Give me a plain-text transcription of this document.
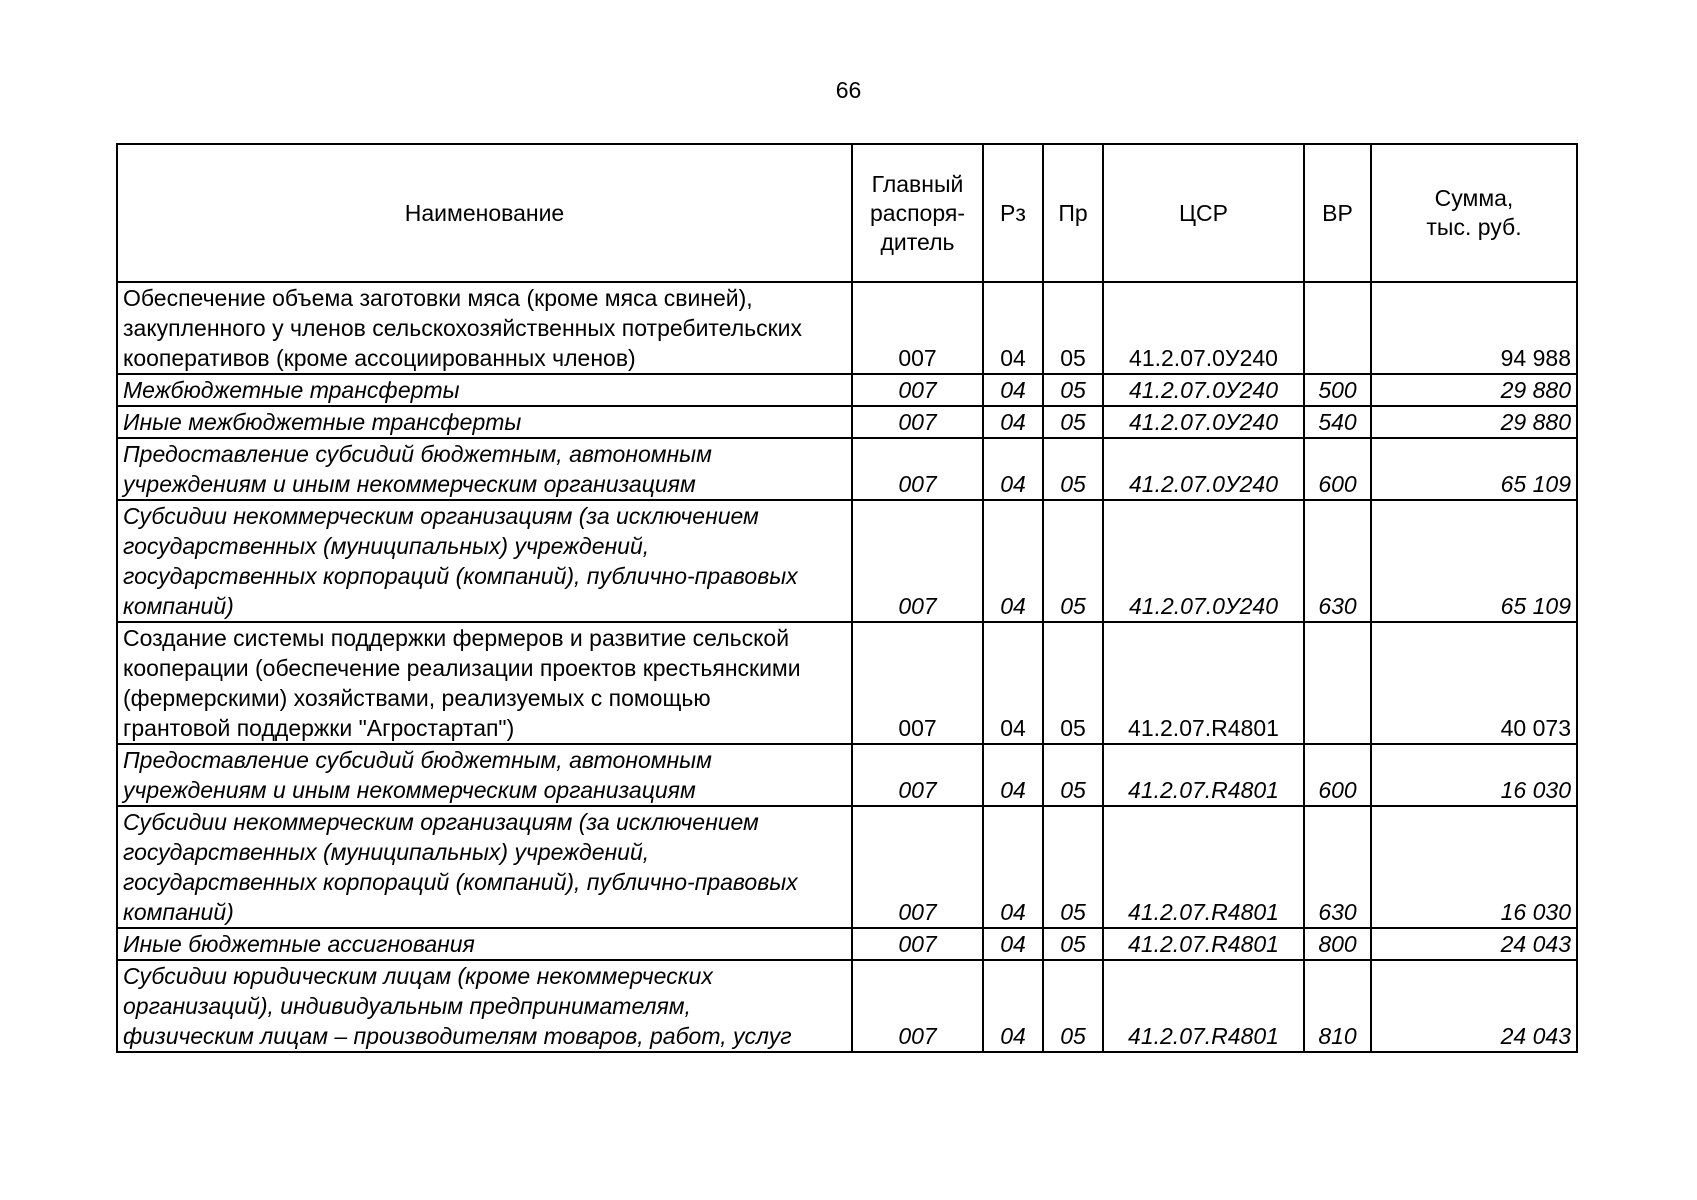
66
Наименование	Главный
распоря-
дитель	Рз	Пр	ЦСР	ВР	Сумма,
тыс. руб.
Обеспечение объема заготовки мяса (кроме мяса свиней),
закупленного у членов сельскохозяйственных потребительских
кооперативов (кроме ассоциированных членов)	007	04	05	41.2.07.0У240		94 988
Межбюджетные трансферты	007	04	05	41.2.07.0У240	500	29 880
Иные межбюджетные трансферты	007	04	05	41.2.07.0У240	540	29 880
Предоставление субсидий бюджетным, автономным
учреждениям и иным некоммерческим организациям	007	04	05	41.2.07.0У240	600	65 109
Субсидии некоммерческим организациям (за исключением
государственных (муниципальных) учреждений,
государственных корпораций (компаний), публично-правовых
компаний)	007	04	05	41.2.07.0У240	630	65 109
Создание системы поддержки фермеров и развитие сельской
кооперации (обеспечение реализации проектов крестьянскими
(фермерскими) хозяйствами, реализуемых с помощью
грантовой поддержки "Агростартап")	007	04	05	41.2.07.R4801		40 073
Предоставление субсидий бюджетным, автономным
учреждениям и иным некоммерческим организациям	007	04	05	41.2.07.R4801	600	16 030
Субсидии некоммерческим организациям (за исключением
государственных (муниципальных) учреждений,
государственных корпораций (компаний), публично-правовых
компаний)	007	04	05	41.2.07.R4801	630	16 030
Иные бюджетные ассигнования	007	04	05	41.2.07.R4801	800	24 043
Субсидии юридическим лицам (кроме некоммерческих
организаций), индивидуальным предпринимателям,
физическим лицам – производителям товаров, работ, услуг	007	04	05	41.2.07.R4801	810	24 043
